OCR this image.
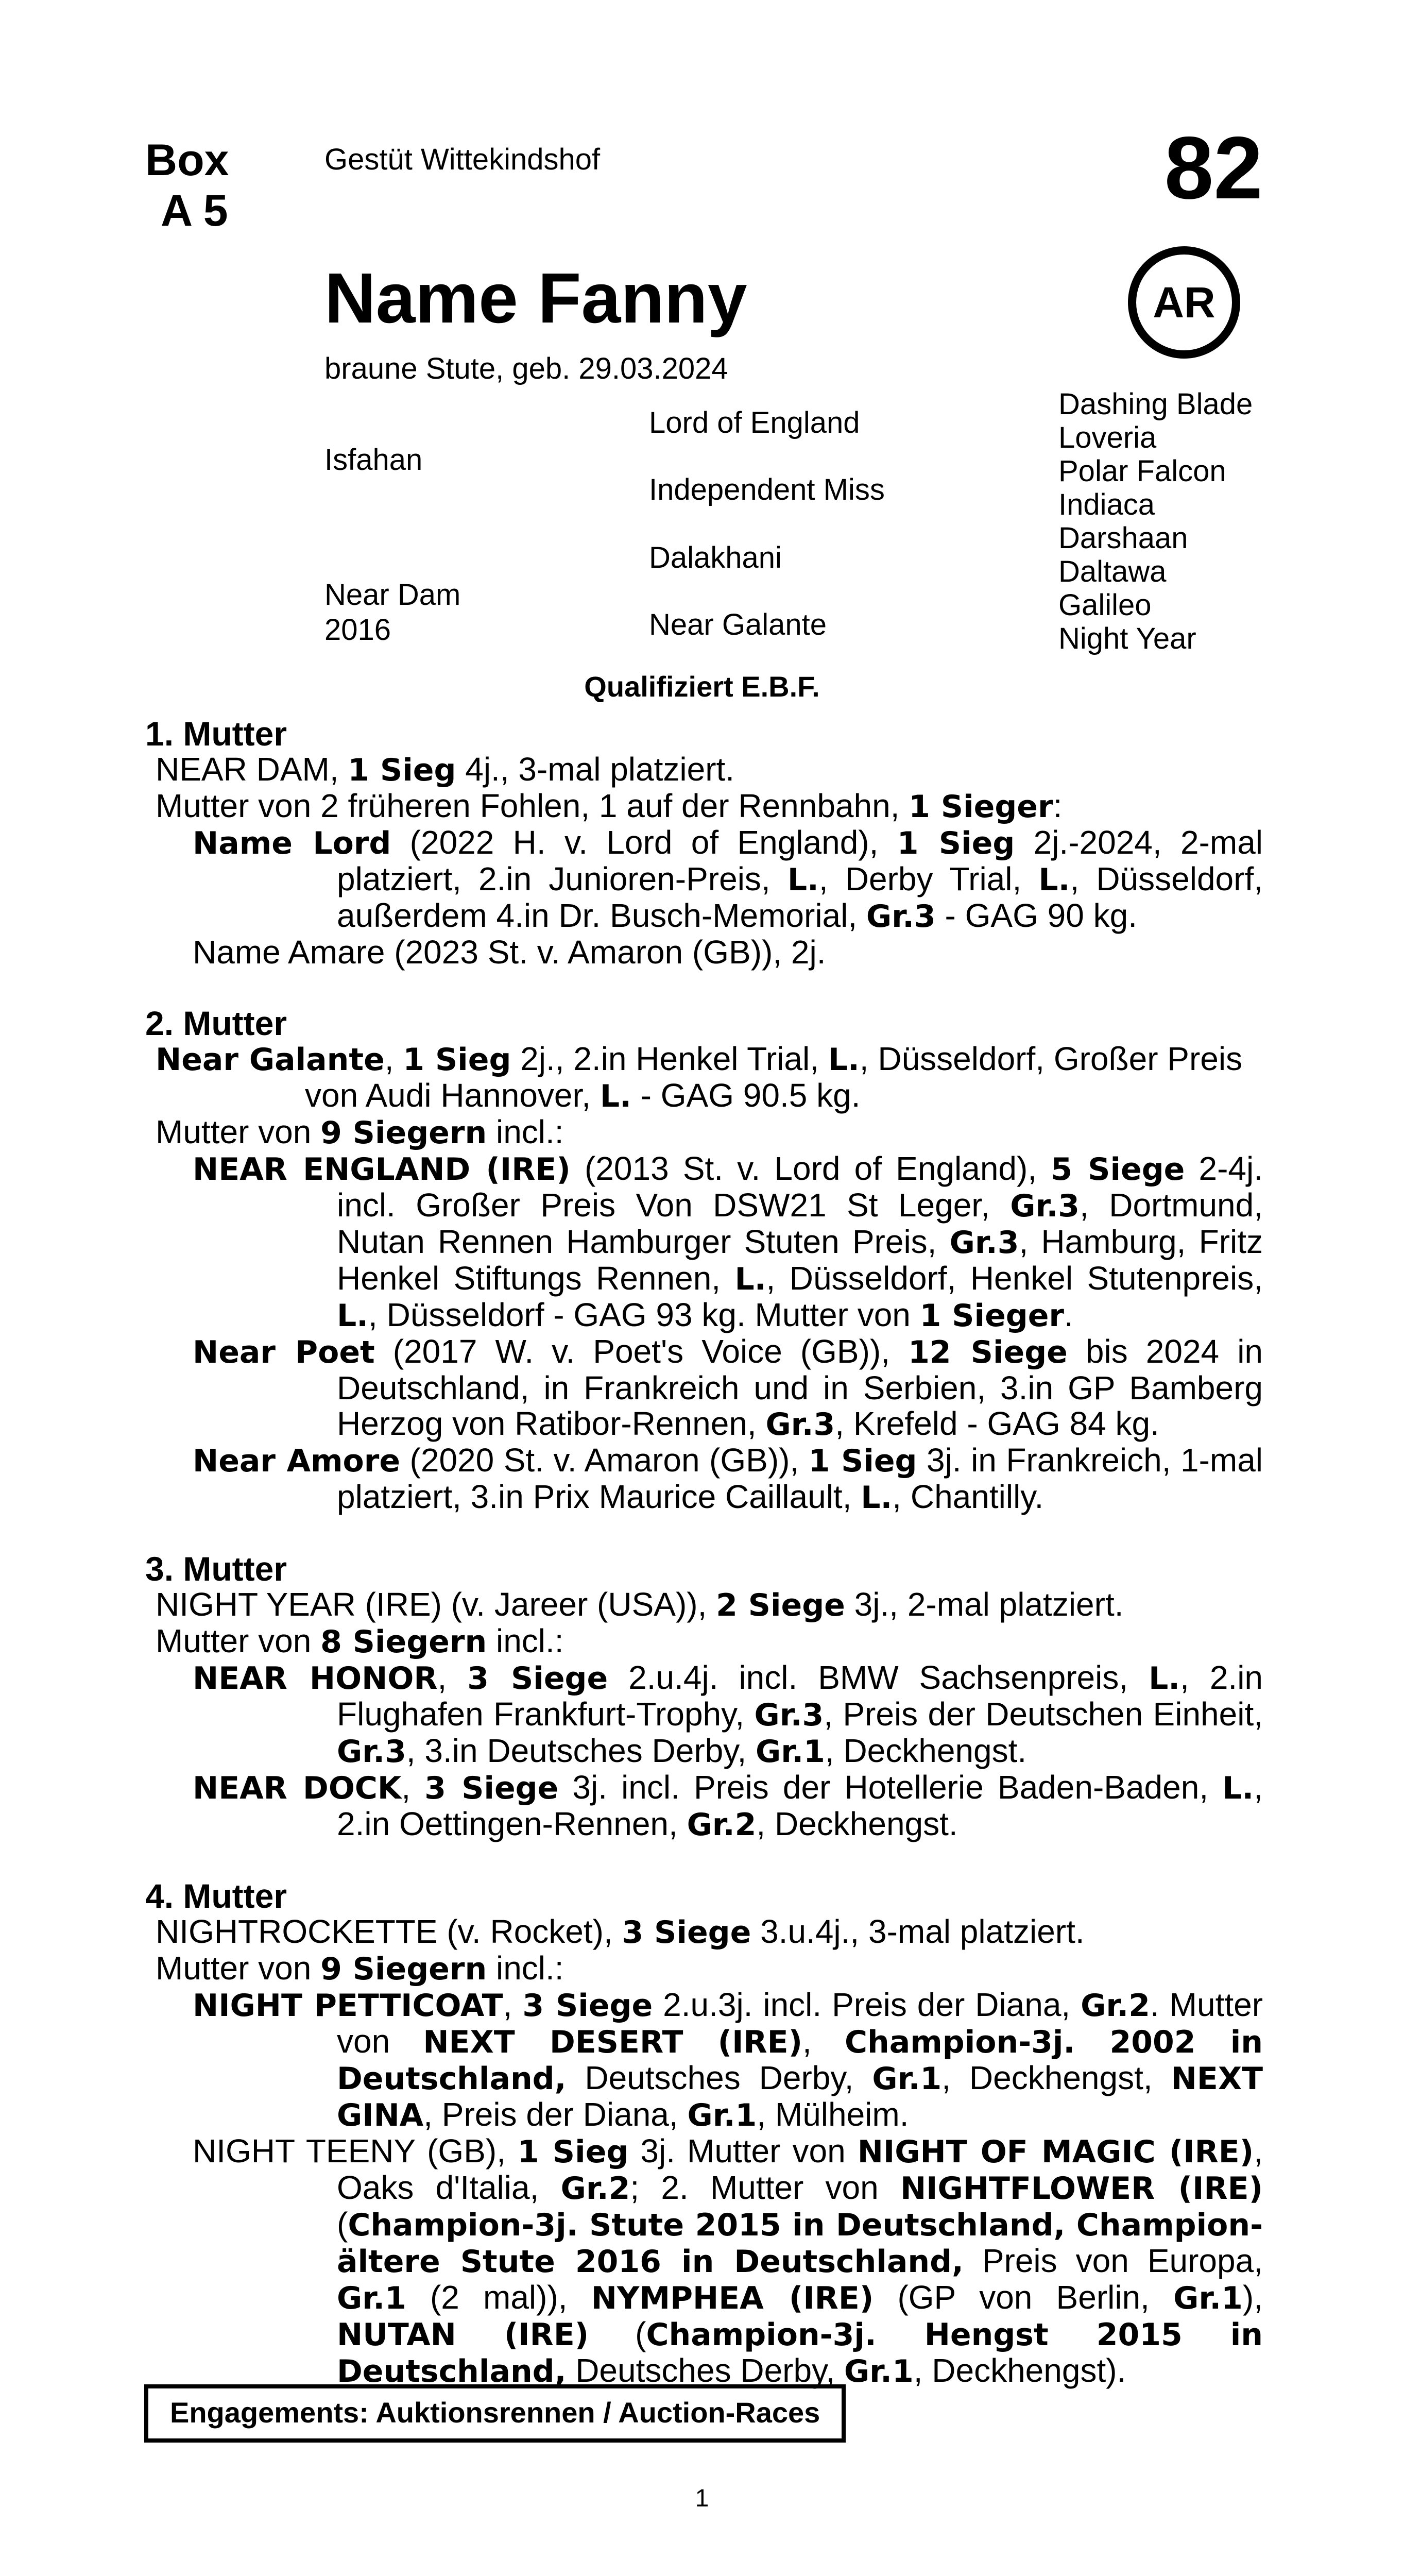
Box
A 5
Gestüt Wittekindshof	82
AR
Name Fanny
braune Stute, geb. 29.03.2024
Isfahan
Near Dam
2016
Lord of England
Independent Miss
Dalakhani
Near Galante
Dashing Blade
Loveria
Polar Falcon
Indiaca
Darshaan
Daltawa
Galileo
Night Year
Qualifiziert E.B.F.
1. Mutter

NEAR DAM, 1 Sieg 4j., 3-mal platziert.

Mutter von 2 früheren Fohlen, 1 auf der Rennbahn, 1 Sieger:

Name Lord (2022 H. v. Lord of England), 1 Sieg 2j.-2024, 2-mal platziert, 2.in Junioren-Preis, L., Derby Trial, L., Düsseldorf, außerdem 4.in Dr. Busch-Memorial, Gr.3 - GAG 90 kg.

Name Amare (2023 St. v. Amaron (GB)), 2j.

2. Mutter

Near Galante, 1 Sieg 2j., 2.in Henkel Trial, L., Düsseldorf, Großer Preis von Audi Hannover, L. - GAG 90.5 kg.

Mutter von 9 Siegern incl.:

NEAR ENGLAND (IRE) (2013 St. v. Lord of England), 5 Siege 2-4j. incl. Großer Preis Von DSW21 St Leger, Gr.3, Dortmund, Nutan Rennen Hamburger Stuten Preis, Gr.3, Hamburg, Fritz Henkel Stiftungs Rennen, L., Düsseldorf, Henkel Stutenpreis, L., Düsseldorf - GAG 93 kg. Mutter von 1 Sieger.

Near Poet (2017 W. v. Poet's Voice (GB)), 12 Siege bis 2024 in Deutschland, in Frankreich und in Serbien, 3.in GP Bamberg Herzog von Ratibor-Rennen, Gr.3, Krefeld - GAG 84 kg.

Near Amore (2020 St. v. Amaron (GB)), 1 Sieg 3j. in Frankreich, 1-mal platziert, 3.in Prix Maurice Caillault, L., Chantilly.

3. Mutter

NIGHT YEAR (IRE) (v. Jareer (USA)), 2 Siege 3j., 2-mal platziert.

Mutter von 8 Siegern incl.:

NEAR HONOR, 3 Siege 2.u.4j. incl. BMW Sachsenpreis, L., 2.in Flughafen Frankfurt-Trophy, Gr.3, Preis der Deutschen Einheit, Gr.3, 3.in Deutsches Derby, Gr.1, Deckhengst.

NEAR DOCK, 3 Siege 3j. incl. Preis der Hotellerie Baden-Baden, L., 2.in Oettingen-Rennen, Gr.2, Deckhengst.

4. Mutter

NIGHTROCKETTE (v. Rocket), 3 Siege 3.u.4j., 3-mal platziert.

Mutter von 9 Siegern incl.:

NIGHT PETTICOAT, 3 Siege 2.u.3j. incl. Preis der Diana, Gr.2. Mutter von NEXT DESERT (IRE), Champion-3j. 2002 in Deutschland, Deutsches Derby, Gr.1, Deckhengst, NEXT GINA, Preis der Diana, Gr.1, Mülheim.

NIGHT TEENY (GB), 1 Sieg 3j. Mutter von NIGHT OF MAGIC (IRE), Oaks d'Italia, Gr.2; 2. Mutter von NIGHTFLOWER (IRE) (Champion-3j. Stute 2015 in Deutschland, Champion-ältere Stute 2016 in Deutschland, Preis von Europa, Gr.1 (2 mal)), NYMPHEA (IRE) (GP von Berlin, Gr.1), NUTAN (IRE) (Champion-3j. Hengst 2015 in Deutschland, Deutsches Derby, Gr.1, Deckhengst).

Engagements: Auktionsrennen / Auction-Races
1
